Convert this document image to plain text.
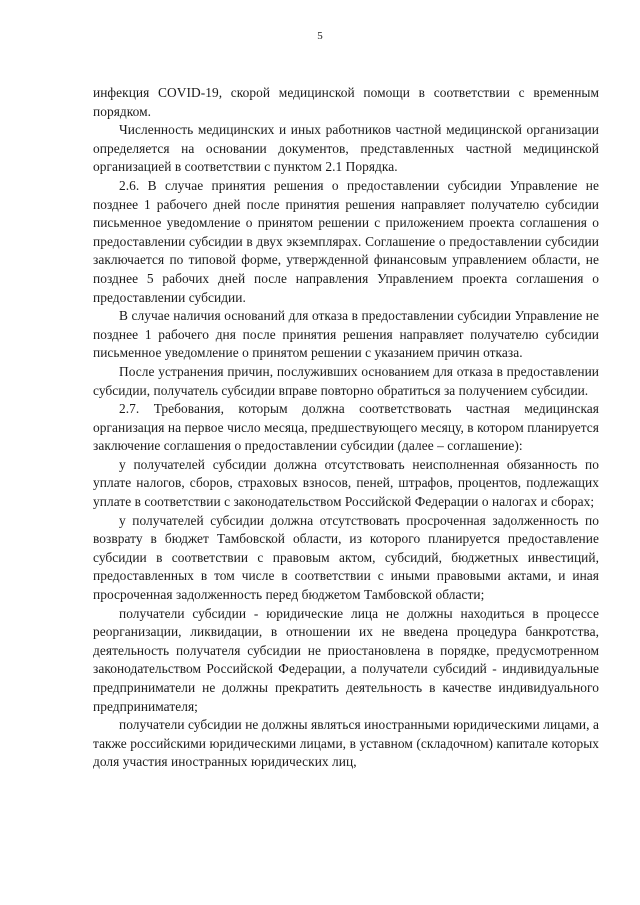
5

инфекция COVID-19, скорой медицинской помощи в соответствии с временным порядком.

Численность медицинских и иных работников частной медицинской организации определяется на основании документов, представленных частной медицинской организацией в соответствии с пунктом 2.1 Порядка.

2.6. В случае принятия решения о предоставлении субсидии Управление не позднее 1 рабочего дней после принятия решения направляет получателю субсидии письменное уведомление о принятом решении с приложением проекта соглашения о предоставлении субсидии в двух экземплярах. Соглашение о предоставлении субсидии заключается по типовой форме, утвержденной финансовым управлением области, не позднее 5 рабочих дней после направления Управлением проекта соглашения о предоставлении субсидии.

В случае наличия оснований для отказа в предоставлении субсидии Управление не позднее 1 рабочего дня после принятия решения направляет получателю субсидии письменное уведомление о принятом решении с указанием причин отказа.

После устранения причин, послуживших основанием для отказа в предоставлении субсидии, получатель субсидии вправе повторно обратиться за получением субсидии.

2.7. Требования, которым должна соответствовать частная медицинская организация на первое число месяца, предшествующего месяцу, в котором планируется заключение соглашения о предоставлении субсидии (далее – соглашение):

у получателей субсидии должна отсутствовать неисполненная обязанность по уплате налогов, сборов, страховых взносов, пеней, штрафов, процентов, подлежащих уплате в соответствии с законодательством Российской Федерации о налогах и сборах;

у получателей субсидии должна отсутствовать просроченная задолженность по возврату в бюджет Тамбовской области, из которого планируется предоставление субсидии в соответствии с правовым актом, субсидий, бюджетных инвестиций, предоставленных в том числе в соответствии с иными правовыми актами, и иная просроченная задолженность перед бюджетом Тамбовской области;

получатели субсидии - юридические лица не должны находиться в процессе реорганизации, ликвидации, в отношении их не введена процедура банкротства, деятельность получателя субсидии не приостановлена в порядке, предусмотренном законодательством Российской Федерации, а получатели субсидий - индивидуальные предприниматели не должны прекратить деятельность в качестве индивидуального предпринимателя;

получатели субсидии не должны являться иностранными юридическими лицами, а также российскими юридическими лицами, в уставном (складочном) капитале которых доля участия иностранных юридических лиц,
